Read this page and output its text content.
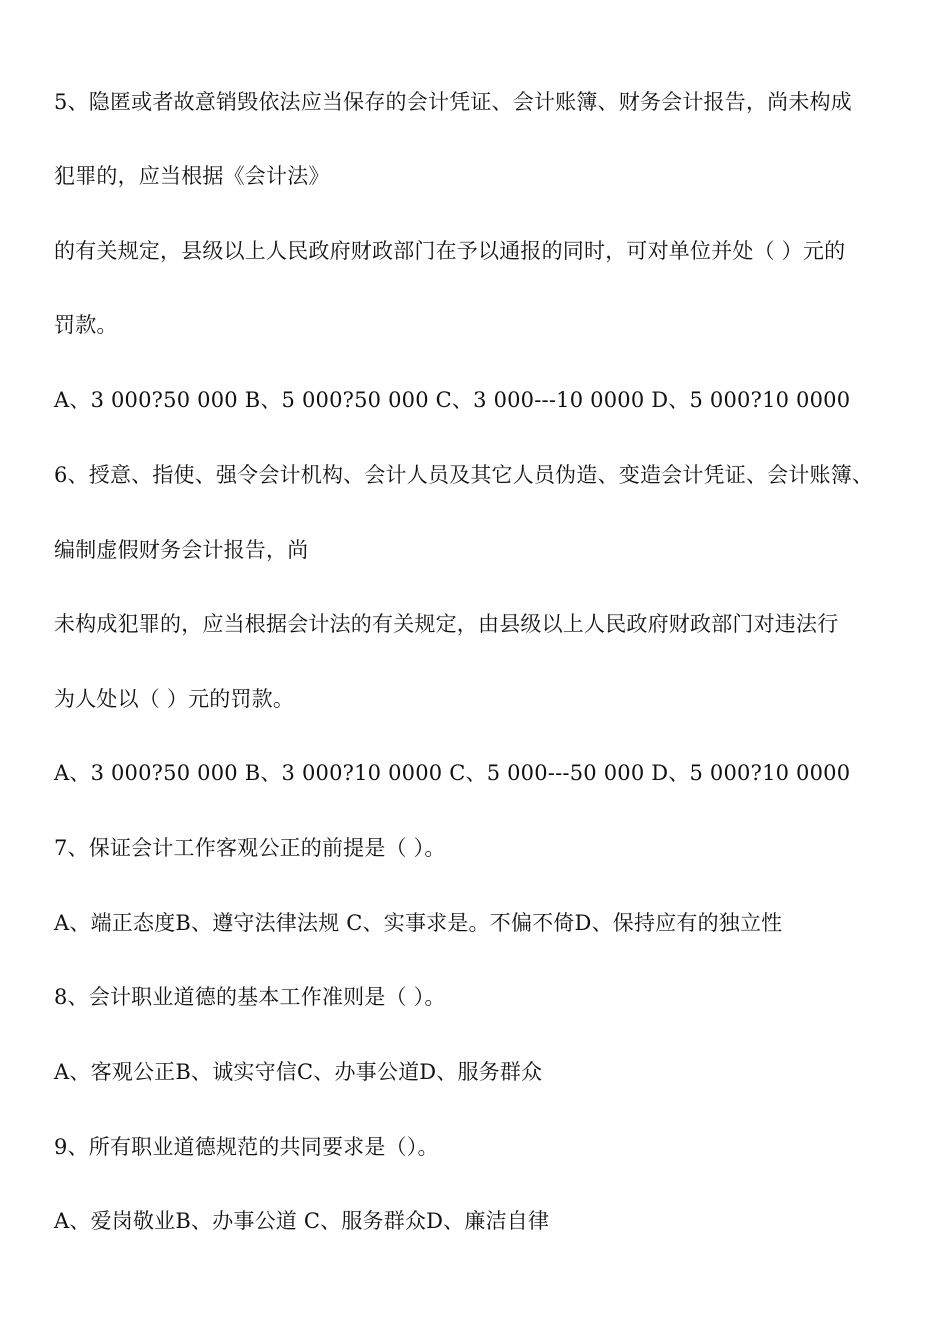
5、隐匿或者故意销毁依法应当保存的会计凭证、会计账簿、财务会计报告，尚未构成
犯罪的，应当根据《会计法》
的有关规定，县级以上人民政府财政部门在予以通报的同时，可对单位并处（ ）元的
罚款。
A、3 000?50 000 B、5 000?50 000 C、3 000---10 0000 D、5 000?10 0000
6、授意、指使、强令会计机构、会计人员及其它人员伪造、变造会计凭证、会计账簿、
编制虚假财务会计报告，尚
未构成犯罪的，应当根据会计法的有关规定，由县级以上人民政府财政部门对违法行
为人处以（ ）元的罚款。
A、3 000?50 000 B、3 000?10 0000 C、5 000---50 000 D、5 000?10 0000
7、保证会计工作客观公正的前提是（ ）。
A、端正态度B、遵守法律法规 C、实事求是。不偏不倚D、保持应有的独立性
8、会计职业道德的基本工作准则是（ ）。
A、客观公正B、诚实守信C、办事公道D、服务群众
9、所有职业道德规范的共同要求是（）。
A、爱岗敬业B、办事公道 C、服务群众D、廉洁自律
